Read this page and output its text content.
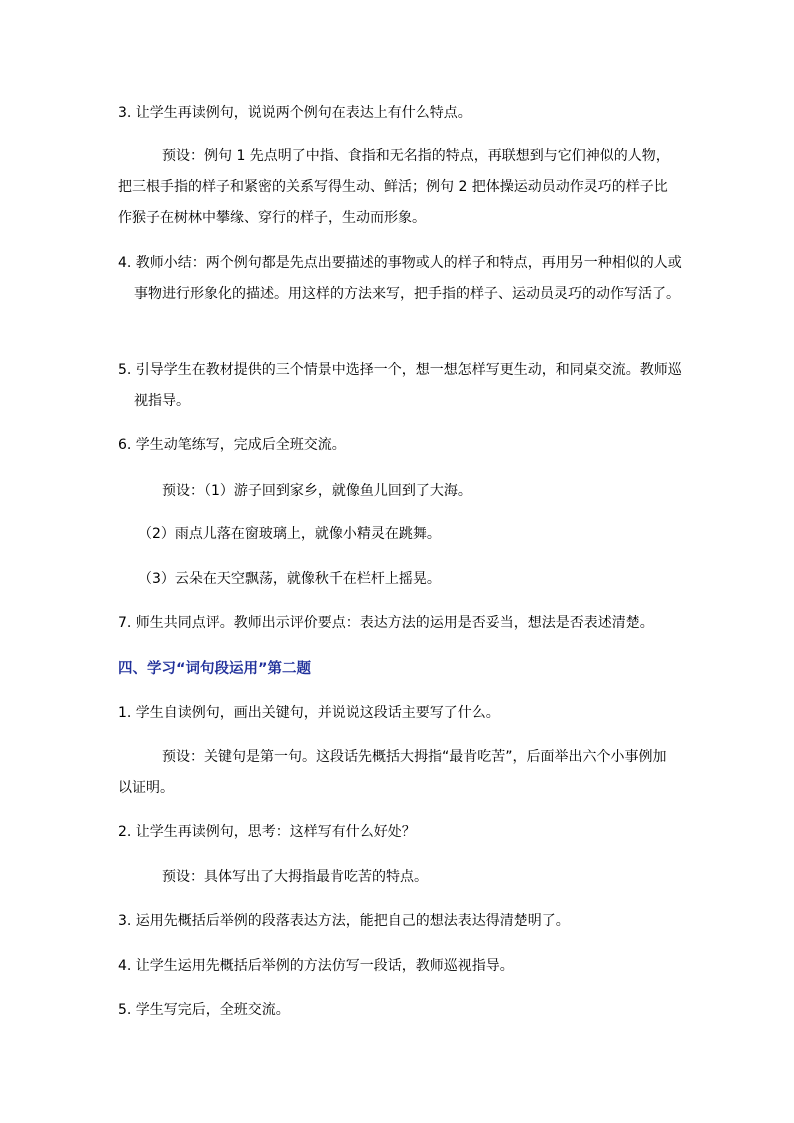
3. 让学生再读例句，说说两个例句在表达上有什么特点。
预设：例句 1 先点明了中指、食指和无名指的特点，再联想到与它们神似的人物，把三根手指的样子和紧密的关系写得生动、鲜活；例句 2 把体操运动员动作灵巧的样子比作猴子在树林中攀缘、穿行的样子，生动而形象。
4. 教师小结：两个例句都是先点出要描述的事物或人的样子和特点，再用另一种相似的人或事物进行形象化的描述。用这样的方法来写，把手指的样子、运动员灵巧的动作写活了。
5. 引导学生在教材提供的三个情景中选择一个，想一想怎样写更生动，和同桌交流。教师巡视指导。
6. 学生动笔练写，完成后全班交流。
预设：（1）游子回到家乡，就像鱼儿回到了大海。
（2）雨点儿落在窗玻璃上，就像小精灵在跳舞。
（3）云朵在天空飘荡，就像秋千在栏杆上摇晃。
7. 师生共同点评。教师出示评价要点：表达方法的运用是否妥当，想法是否表述清楚。
四、学习“词句段运用”第二题
1. 学生自读例句，画出关键句，并说说这段话主要写了什么。
预设：关键句是第一句。这段话先概括大拇指“最肯吃苦”，后面举出六个小事例加以证明。
2. 让学生再读例句，思考：这样写有什么好处？
预设：具体写出了大拇指最肯吃苦的特点。
3. 运用先概括后举例的段落表达方法，能把自己的想法表达得清楚明了。
4. 让学生运用先概括后举例的方法仿写一段话，教师巡视指导。
5. 学生写完后，全班交流。
